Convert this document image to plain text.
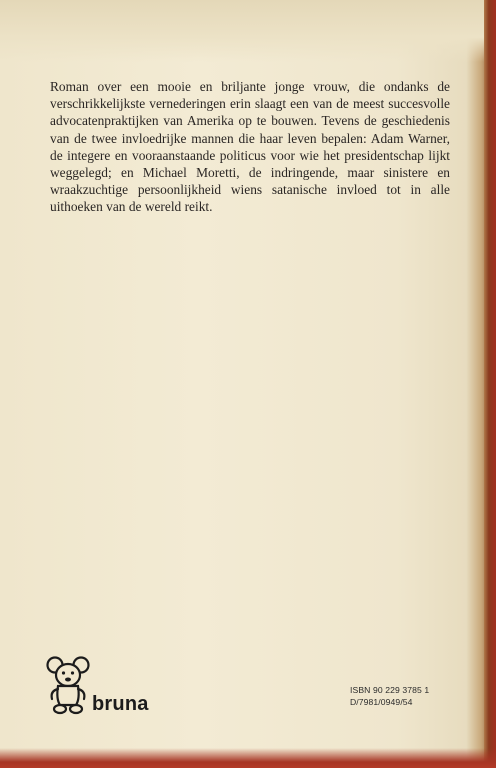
Roman over een mooie en briljante jonge vrouw, die ondanks de verschrikkelijkste vernederingen erin slaagt een van de meest succesvolle advocatenpraktijken van Amerika op te bouwen. Tevens de geschiedenis van de twee invloedrijke mannen die haar leven bepalen: Adam Warner, de integere en vooraanstaande politicus voor wie het presidentschap lijkt weggelegd; en Michael Moretti, de indringende, maar sinistere en wraakzuchtige persoonlijkheid wiens satanische invloed tot in alle uithoeken van de wereld reikt.

bruna
ISBN 90 229 3785 1
D/7981/0949/54
